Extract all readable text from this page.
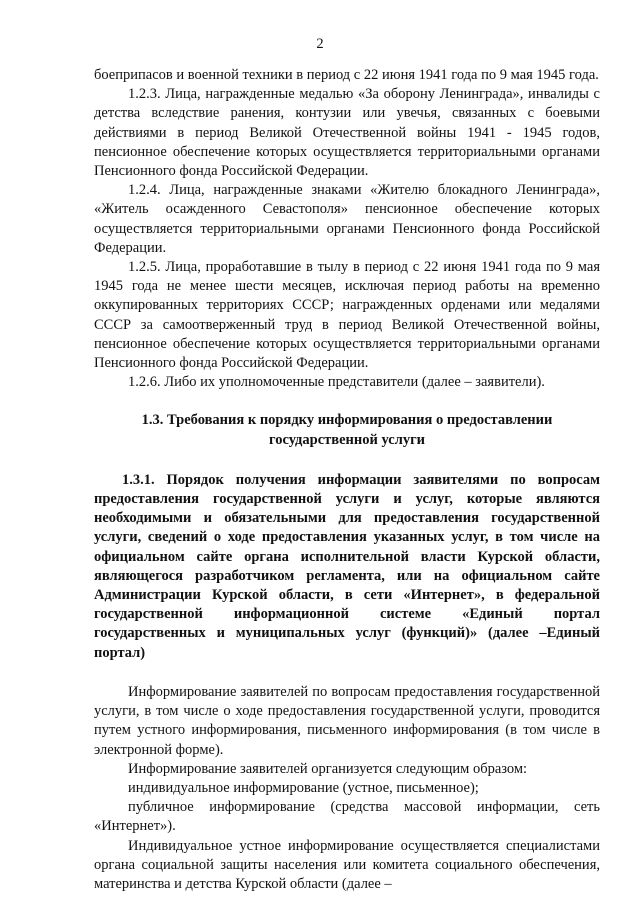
2

боеприпасов и военной техники в период с 22 июня 1941 года по 9 мая 1945 года.

1.2.3. Лица, награжденные медалью «За оборону Ленинграда», инвалиды с детства вследствие ранения, контузии или увечья, связанных с боевыми действиями в период Великой Отечественной войны 1941 - 1945 годов, пенсионное обеспечение которых осуществляется территориальными органами Пенсионного фонда Российской Федерации.

1.2.4. Лица, награжденные знаками «Жителю блокадного Ленинграда», «Житель осажденного Севастополя» пенсионное обеспечение которых осуществляется территориальными органами Пенсионного фонда Российской Федерации.

1.2.5. Лица, проработавшие в тылу в период с 22 июня 1941 года по 9 мая 1945 года не менее шести месяцев, исключая период работы на временно оккупированных территориях СССР; награжденных орденами или медалями СССР за самоотверженный труд в период Великой Отечественной войны, пенсионное обеспечение которых осуществляется территориальными органами Пенсионного фонда Российской Федерации.

1.2.6. Либо их уполномоченные представители (далее – заявители).

1.3. Требования к порядку информирования о предоставлении государственной услуги

1.3.1. Порядок получения информации заявителями по вопросам предоставления государственной услуги и услуг, которые являются необходимыми и обязательными для предоставления государственной услуги, сведений о ходе предоставления указанных услуг, в том числе на официальном сайте органа исполнительной власти Курской области, являющегося разработчиком регламента, или на официальном сайте Администрации Курской области, в сети «Интернет», в федеральной государственной информационной системе «Единый портал государственных и муниципальных услуг (функций)» (далее –Единый портал)

Информирование заявителей по вопросам предоставления государственной услуги, в том числе о ходе предоставления государственной услуги, проводится путем устного информирования, письменного информирования (в том числе в электронной форме).

Информирование заявителей организуется следующим образом:

индивидуальное информирование (устное, письменное);

публичное информирование (средства массовой информации, сеть «Интернет»).

Индивидуальное устное информирование осуществляется специалистами органа социальной защиты населения или комитета социального обеспечения, материнства и детства Курской области (далее –
